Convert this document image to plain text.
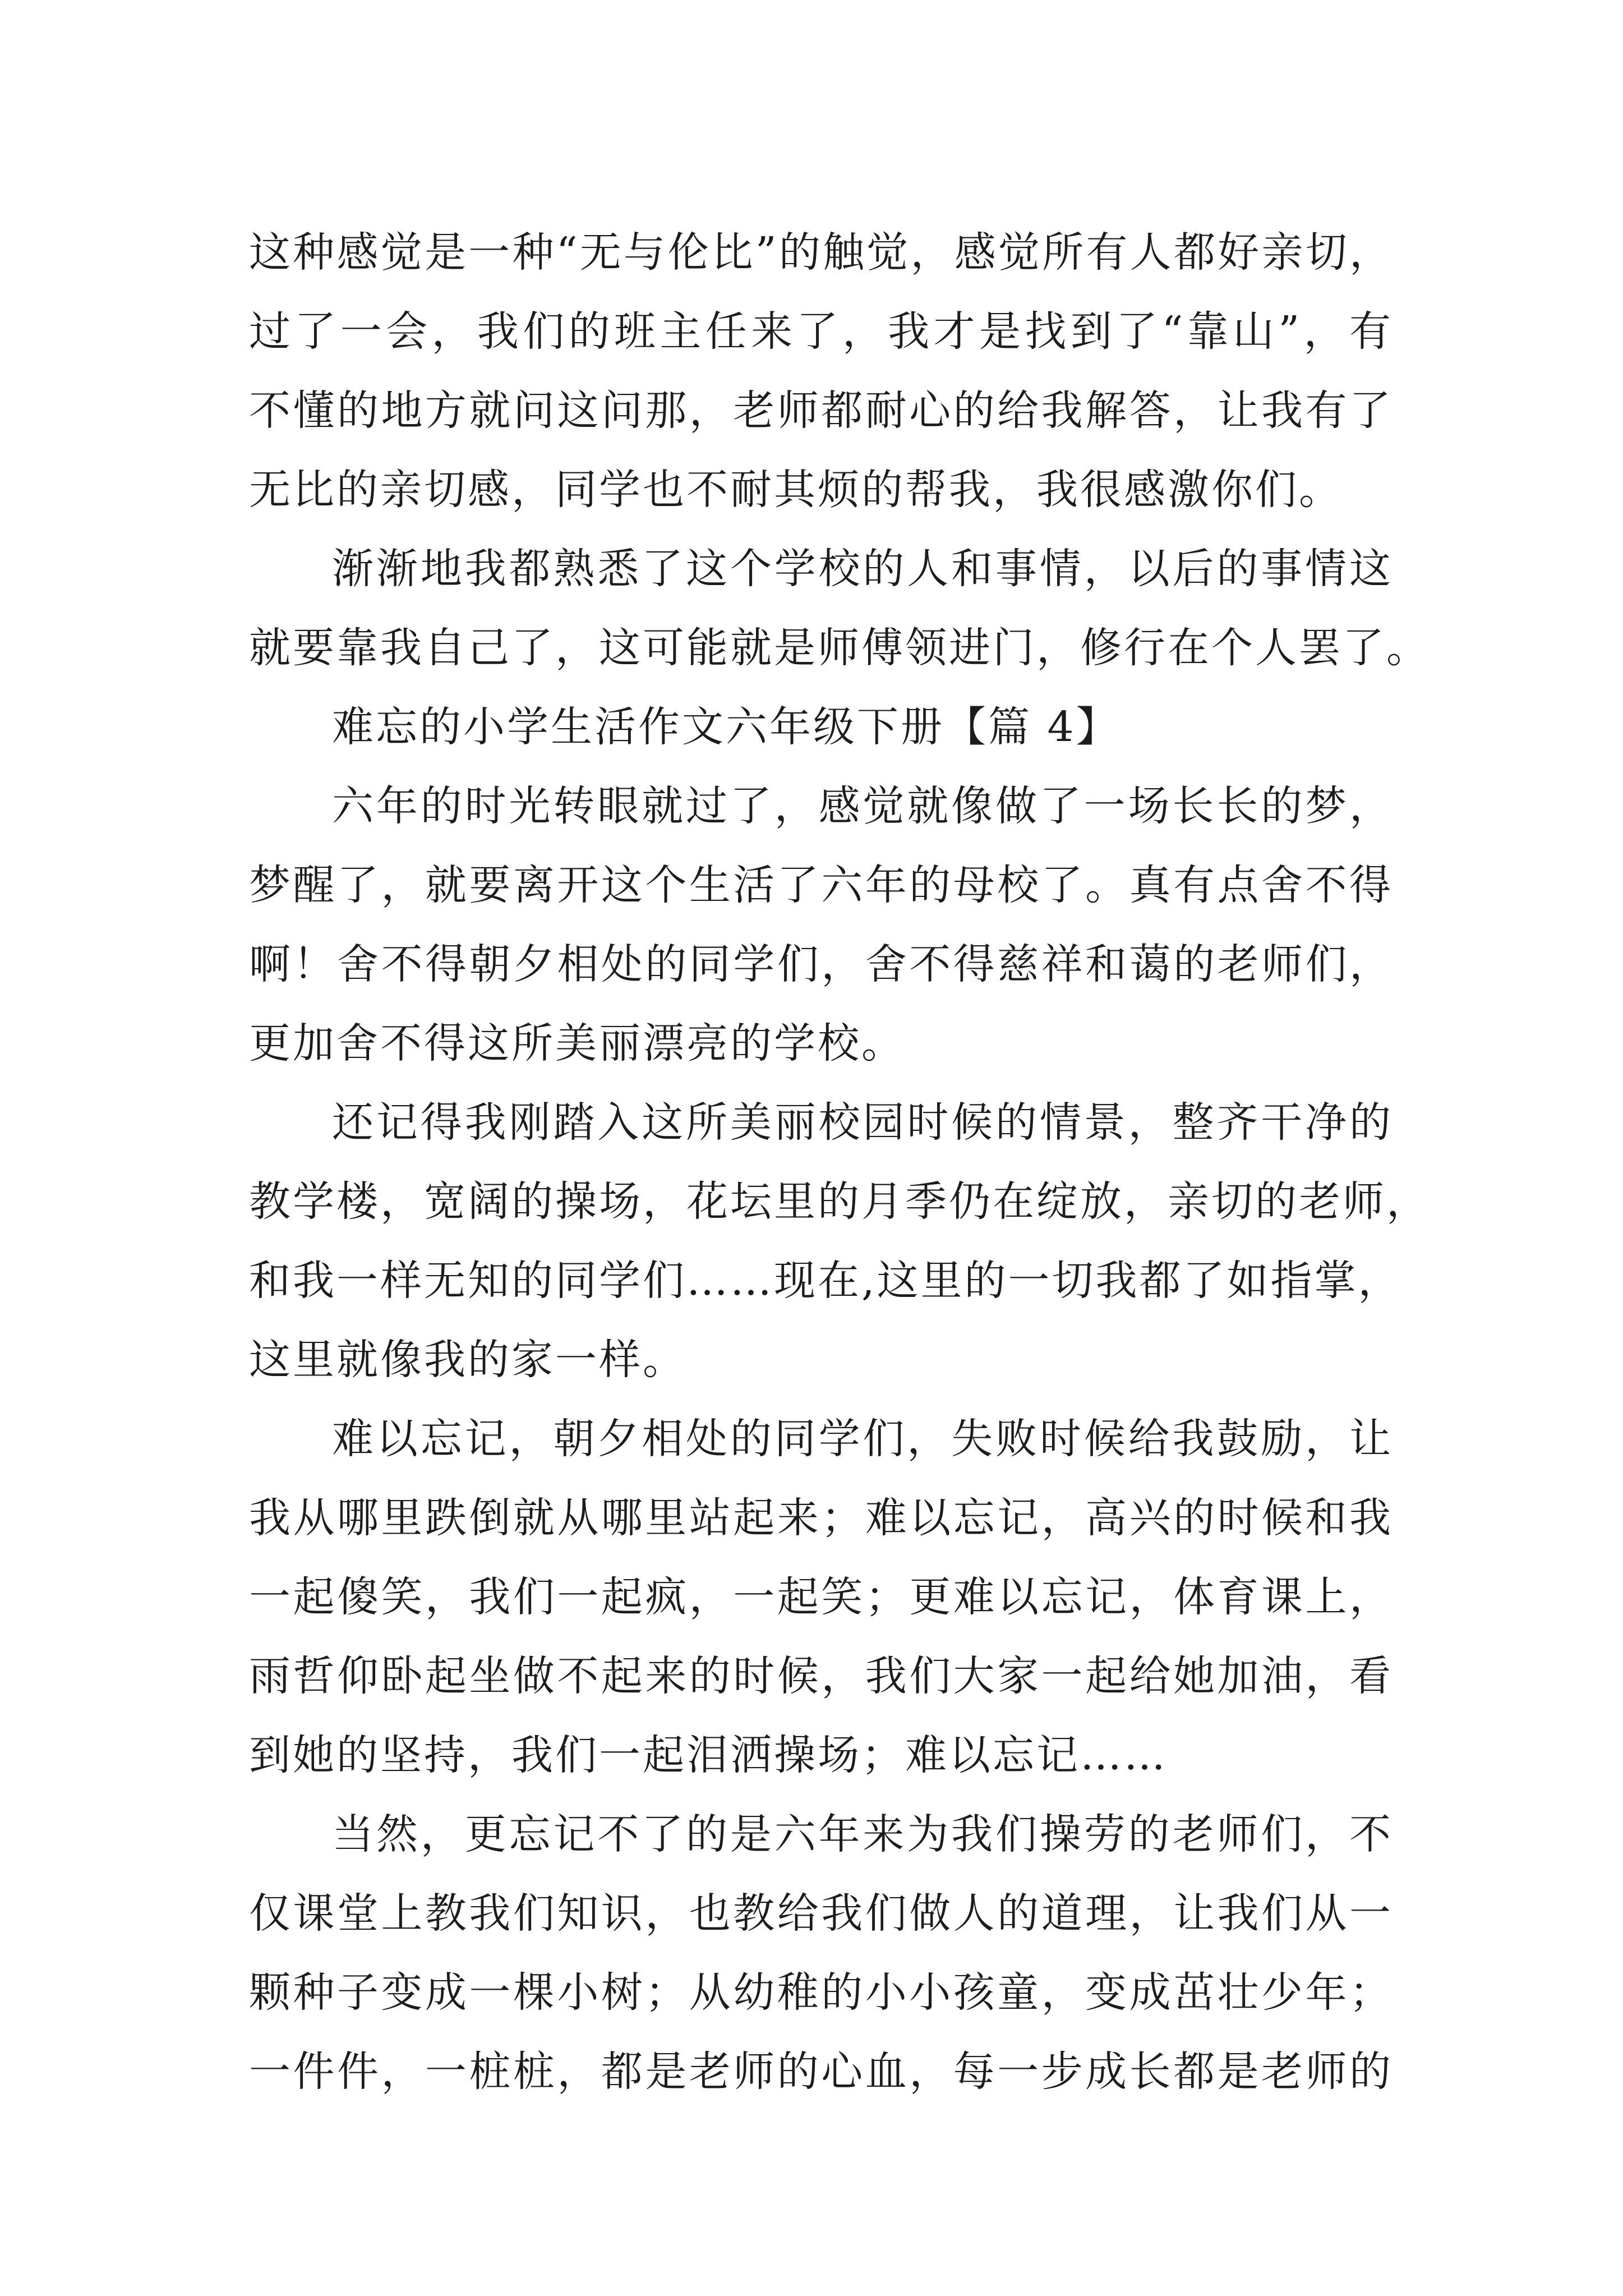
这种感觉是一种“无与伦比”的触觉，感觉所有人都好亲切，
过了一会，我们的班主任来了，我才是找到了“靠山”，有
不懂的地方就问这问那，老师都耐心的给我解答，让我有了
无比的亲切感，同学也不耐其烦的帮我，我很感激你们。

渐渐地我都熟悉了这个学校的人和事情，以后的事情这
就要靠我自己了，这可能就是师傅领进门，修行在个人罢了。

难忘的小学生活作文六年级下册【篇 4】

六年的时光转眼就过了，感觉就像做了一场长长的梦，
梦醒了，就要离开这个生活了六年的母校了。真有点舍不得
啊！舍不得朝夕相处的同学们，舍不得慈祥和蔼的老师们，
更加舍不得这所美丽漂亮的学校。

还记得我刚踏入这所美丽校园时候的情景，整齐干净的
教学楼，宽阔的操场，花坛里的月季仍在绽放，亲切的老师，
和我一样无知的同学们……现在,这里的一切我都了如指掌，
这里就像我的家一样。

难以忘记，朝夕相处的同学们，失败时候给我鼓励，让
我从哪里跌倒就从哪里站起来；难以忘记，高兴的时候和我
一起傻笑，我们一起疯，一起笑；更难以忘记，体育课上，
雨哲仰卧起坐做不起来的时候，我们大家一起给她加油，看
到她的坚持，我们一起泪洒操场；难以忘记……

当然，更忘记不了的是六年来为我们操劳的老师们，不
仅课堂上教我们知识，也教给我们做人的道理，让我们从一
颗种子变成一棵小树；从幼稚的小小孩童，变成茁壮少年；
一件件，一桩桩，都是老师的心血，每一步成长都是老师的
